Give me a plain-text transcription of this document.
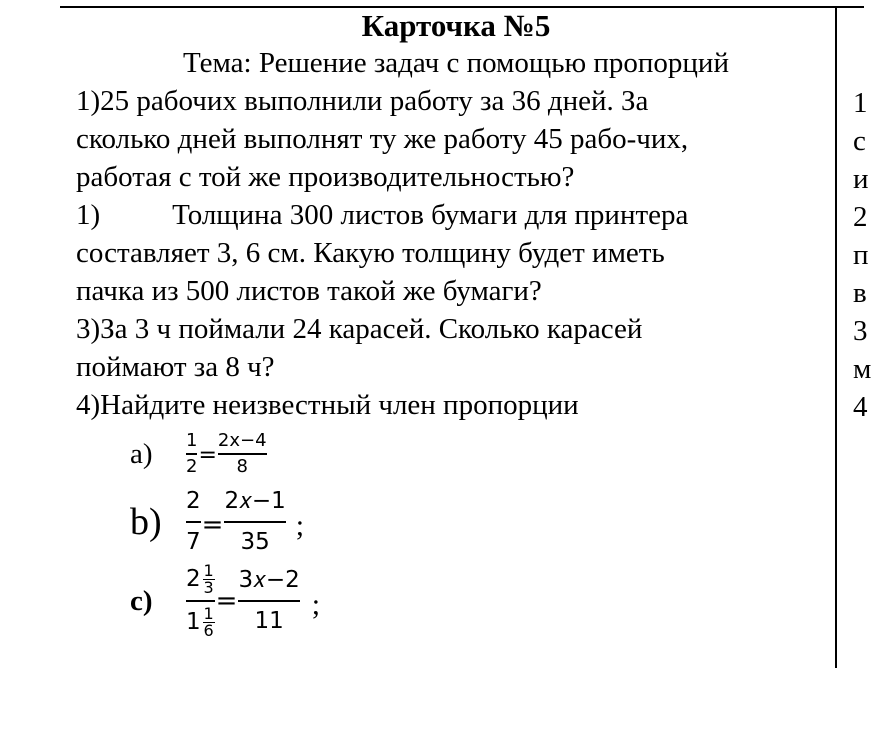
Карточка №5
Тема: Решение задач с помощью пропорций
1)25 рабочих выполнили работу за 36 дней. За
сколько дней выполнят ту же работу 45 рабо-чих,
работая с той же производительностью?
1) Толщина 300 листов бумаги для принтера
составляет 3, 6 см. Какую толщину будет иметь
пачка из 500 листов такой же бумаги?
3)За 3 ч поймали 24 карасей. Сколько карасей
поймают за 8 ч?
4)Найдите неизвестный член пропорции
a)	$\frac{1}{2} = \frac{2x-4}{8}$
b)	$\frac{2}{7} = \frac{\text{2𝑥−1}}{35}$ ;
c)	2 1
3
1 1
$6 = \frac{\text{3𝑥−2}}{11}$ ;
1
с
и
2
п
в
3
м
4
